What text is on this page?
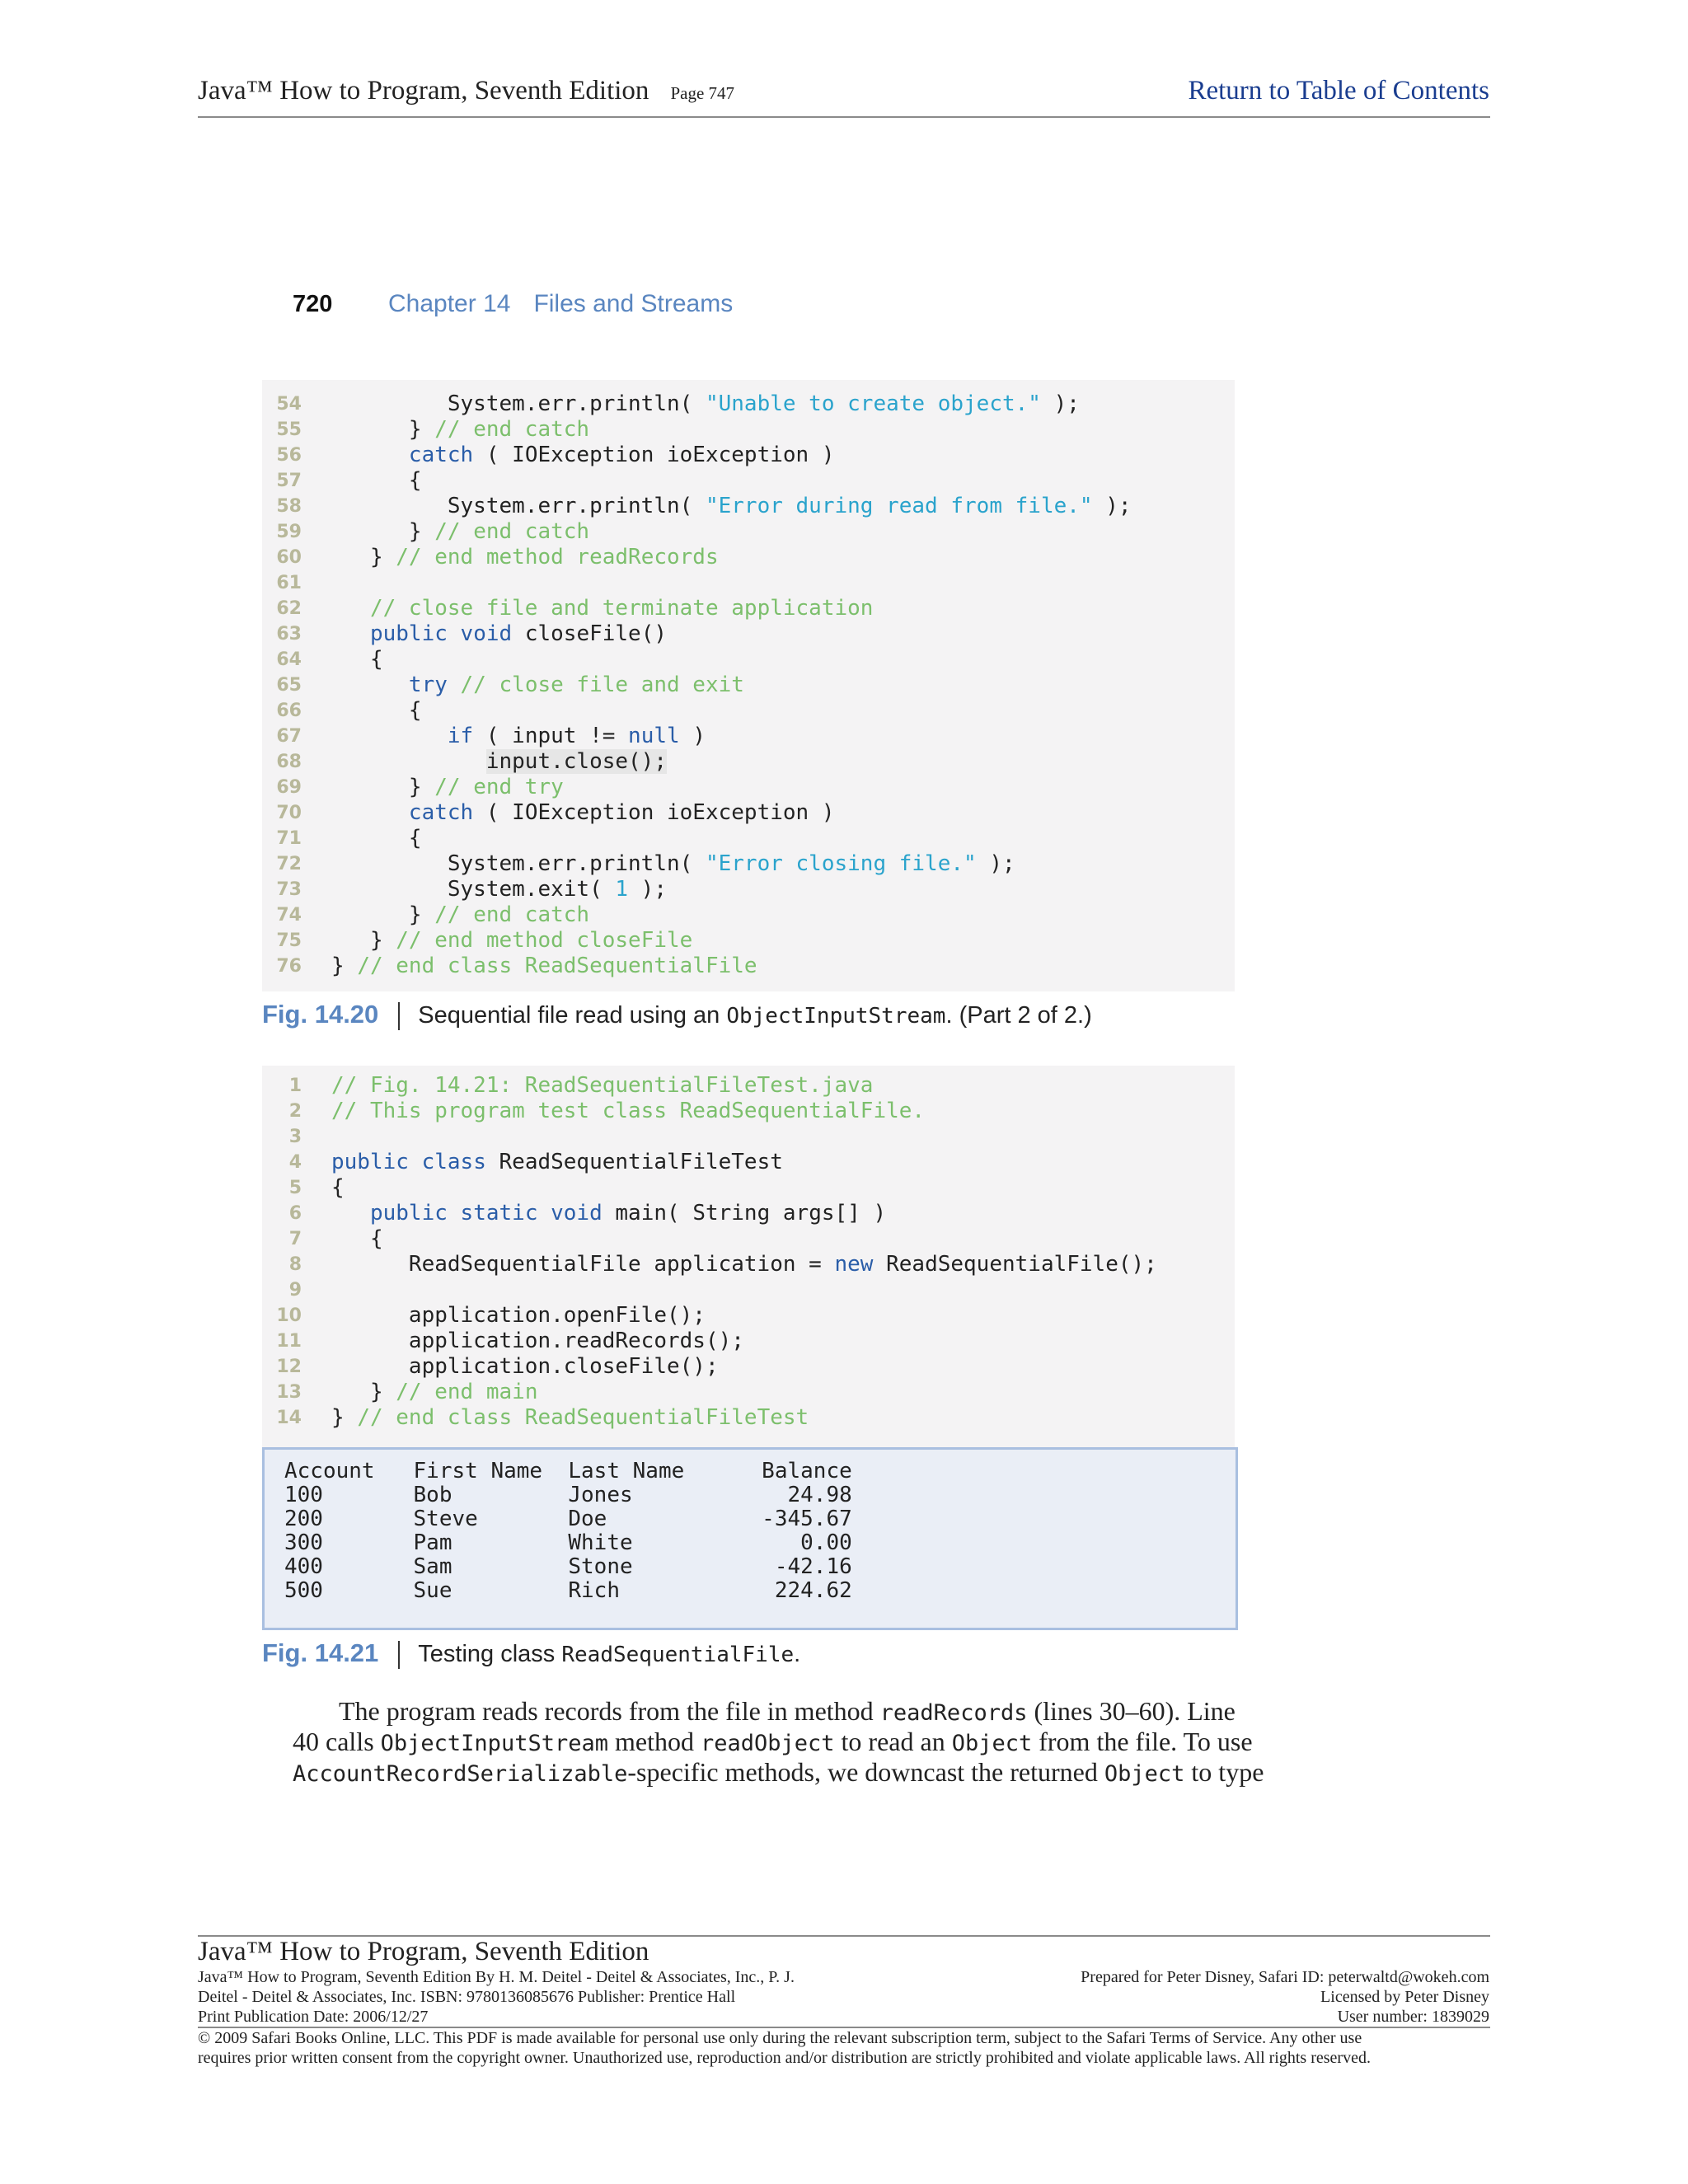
Java™ How to Program, Seventh Edition Page 747	Return to Table of Contents
720 Chapter 14 Files and Streams
54 System.err.println( "Unable to create object." );
55 } // end catch
56	catch ( IOException ioException )
57 {
58 System.err.println( "Error during read from file." );
59 } // end catch
60 } // end method readRecords
61
62	// close file and terminate application
63	public void closeFile()
64 {
65	try // close file and exit
66 {
67	if ( input != null )
68	input.close();
69 } // end try
70	catch ( IOException ioException )
71 {
72 System.err.println( "Error closing file." );
73 System.exit( 1 );
74 } // end catch
75 } // end method closeFile
76 } // end class ReadSequentialFile
Fig. 14.20 Sequential file read using an ObjectInputStream. (Part 2 of 2.)
1 // Fig. 14.21: ReadSequentialFileTest.java
2 // This program test class ReadSequentialFile.
3
4 public class ReadSequentialFileTest
5 {
6	public static void main( String args[] )
7 {
8 ReadSequentialFile application = new ReadSequentialFile();
9
10 application.openFile();
11 application.readRecords();
12 application.closeFile();
13 } // end main
14 } // end class ReadSequentialFileTest
Account   First Name  Last Name      Balance
100       Bob         Jones            24.98
200       Steve       Doe            -345.67
300       Pam         White             0.00
400       Sam         Stone           -42.16
500       Sue         Rich            224.62
Fig. 14.21 Testing class ReadSequentialFile.
The program reads records from the file in method readRecords (lines 30–60). Line
40 calls ObjectInputStream method readObject to read an Object from the file. To use
AccountRecordSerializable-specific methods, we downcast the returned Object to type
Java™ How to Program, Seventh Edition
Java™ How to Program, Seventh Edition By H. M. Deitel - Deitel & Associates, Inc., P. J.
Deitel - Deitel & Associates, Inc. ISBN: 9780136085676 Publisher: Prentice Hall
Print Publication Date: 2006/12/27
Prepared for Peter Disney, Safari ID: peterwaltd@wokeh.com
Licensed by Peter Disney
User number: 1839029
© 2009 Safari Books Online, LLC. This PDF is made available for personal use only during the relevant subscription term, subject to the Safari Terms of Service. Any other use
requires prior written consent from the copyright owner. Unauthorized use, reproduction and/or distribution are strictly prohibited and violate applicable laws. All rights reserved.
